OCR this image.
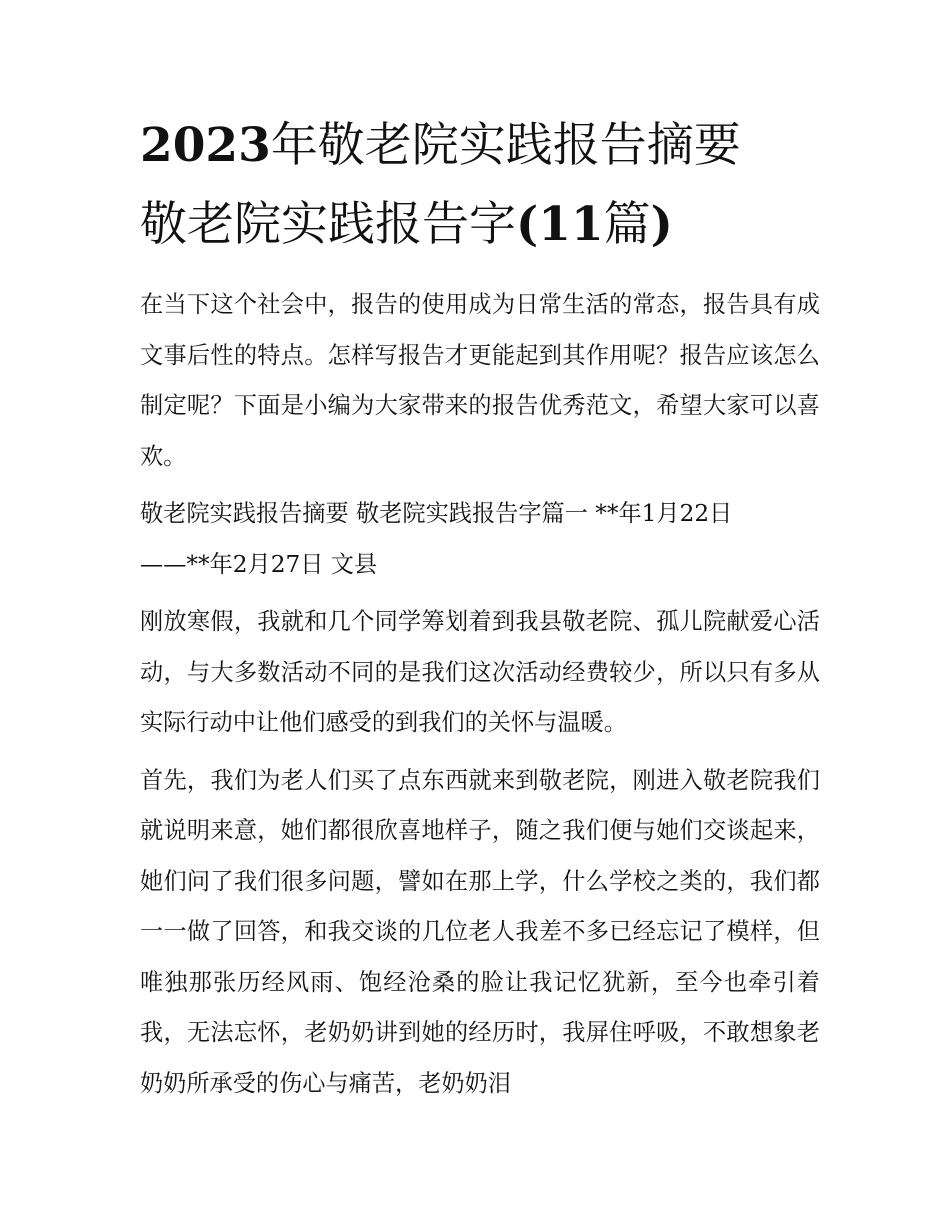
2023年敬老院实践报告摘要
敬老院实践报告字(11篇)

在当下这个社会中，报告的使用成为日常生活的常态，报告具有成文事后性的特点。怎样写报告才更能起到其作用呢？报告应该怎么制定呢？下面是小编为大家带来的报告优秀范文，希望大家可以喜欢。

敬老院实践报告摘要 敬老院实践报告字篇一 **年1月22日
——**年2月27日 文县

刚放寒假，我就和几个同学筹划着到我县敬老院、孤儿院献爱心活动，与大多数活动不同的是我们这次活动经费较少，所以只有多从实际行动中让他们感受的到我们的关怀与温暖。

首先，我们为老人们买了点东西就来到敬老院，刚进入敬老院我们就说明来意，她们都很欣喜地样子，随之我们便与她们交谈起来，她们问了我们很多问题，譬如在那上学，什么学校之类的，我们都一一做了回答，和我交谈的几位老人我差不多已经忘记了模样，但唯独那张历经风雨、饱经沧桑的脸让我记忆犹新，至今也牵引着我，无法忘怀，老奶奶讲到她的经历时，我屏住呼吸，不敢想象老奶奶所承受的伤心与痛苦，老奶奶泪
